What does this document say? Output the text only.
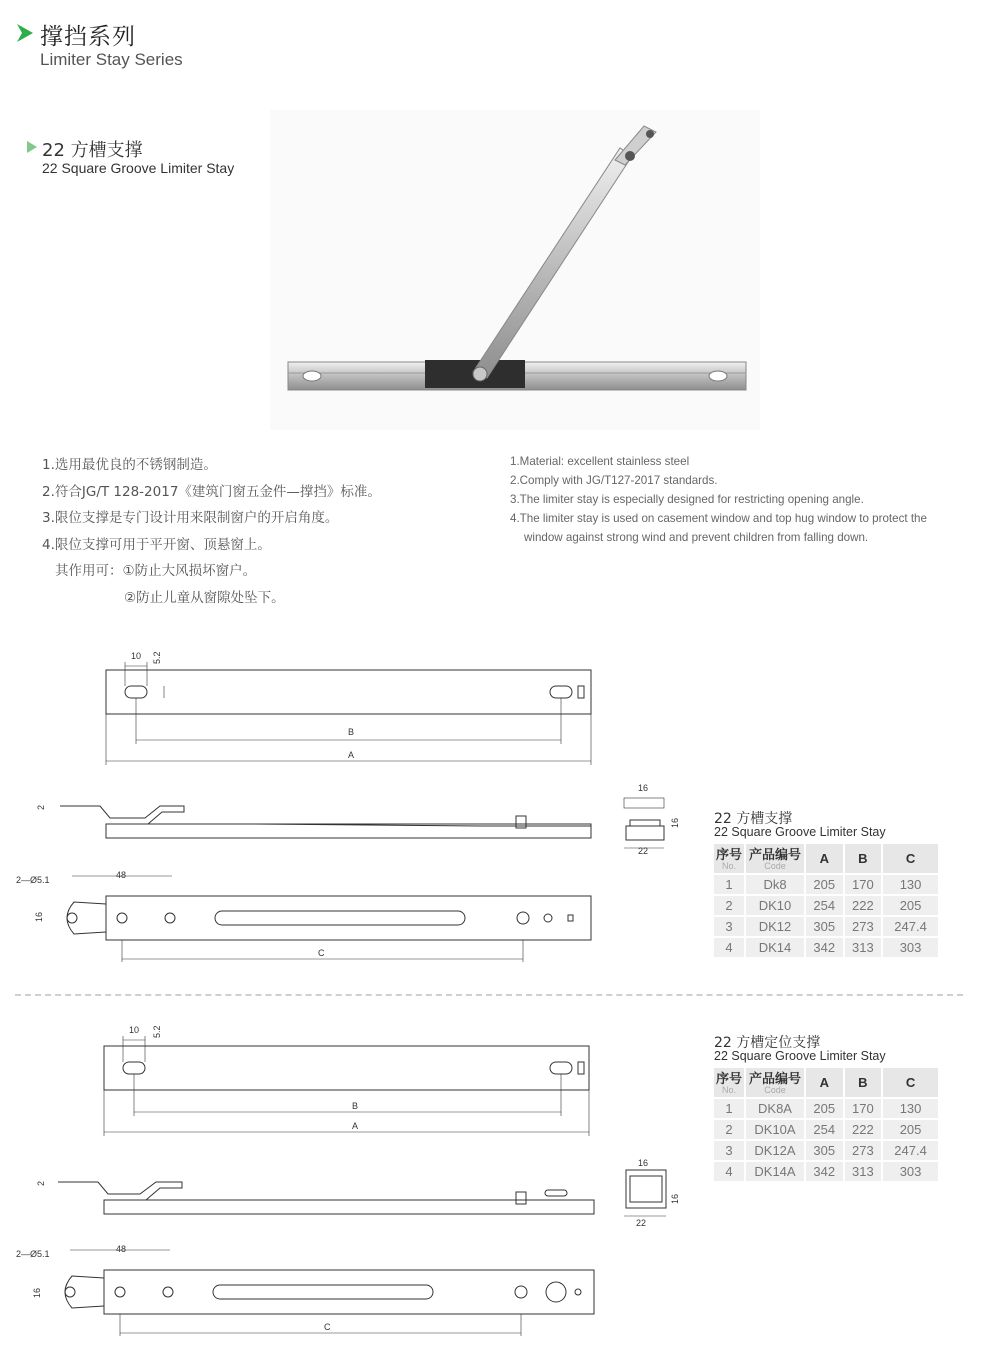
撑挡系列
Limiter Stay Series
22 方槽支撑
22 Square Groove Limiter Stay
1.选用最优良的不锈钢制造。
2.符合JG/T 128-2017《建筑门窗五金件—撑挡》标准。
3.限位支撑是专门设计用来限制窗户的开启角度。
4.限位支撑可用于平开窗、顶悬窗上。
其作用可：①防止大风损坏窗户。
②防止儿童从窗隙处坠下。
1.Material: excellent stainless steel
2.Comply with JG/T127-2017 standards.
3.The limiter stay is especially designed for restricting opening angle.
4.The limiter stay is used on casement window and top hug window to protect the
window against strong wind and prevent children from falling down.
10 5.2
B
A
2
16
16
22
48
2—Ø5.1
16
C
22 方槽支撑
22 Square Groove Limiter Stay
序号
No.	产品编号
Code	A	B	C
1	Dk8	205	170	130
2	DK10	254	222	205
3	DK12	305	273	247.4
4	DK14	342	313	303
10 5.2
B
A
2
16
16
22
48
2—Ø5.1
16
C
22 方槽定位支撑
22 Square Groove Limiter Stay
序号
No.	产品编号
Code	A	B	C
1	DK8A	205	170	130
2	DK10A	254	222	205
3	DK12A	305	273	247.4
4	DK14A	342	313	303
